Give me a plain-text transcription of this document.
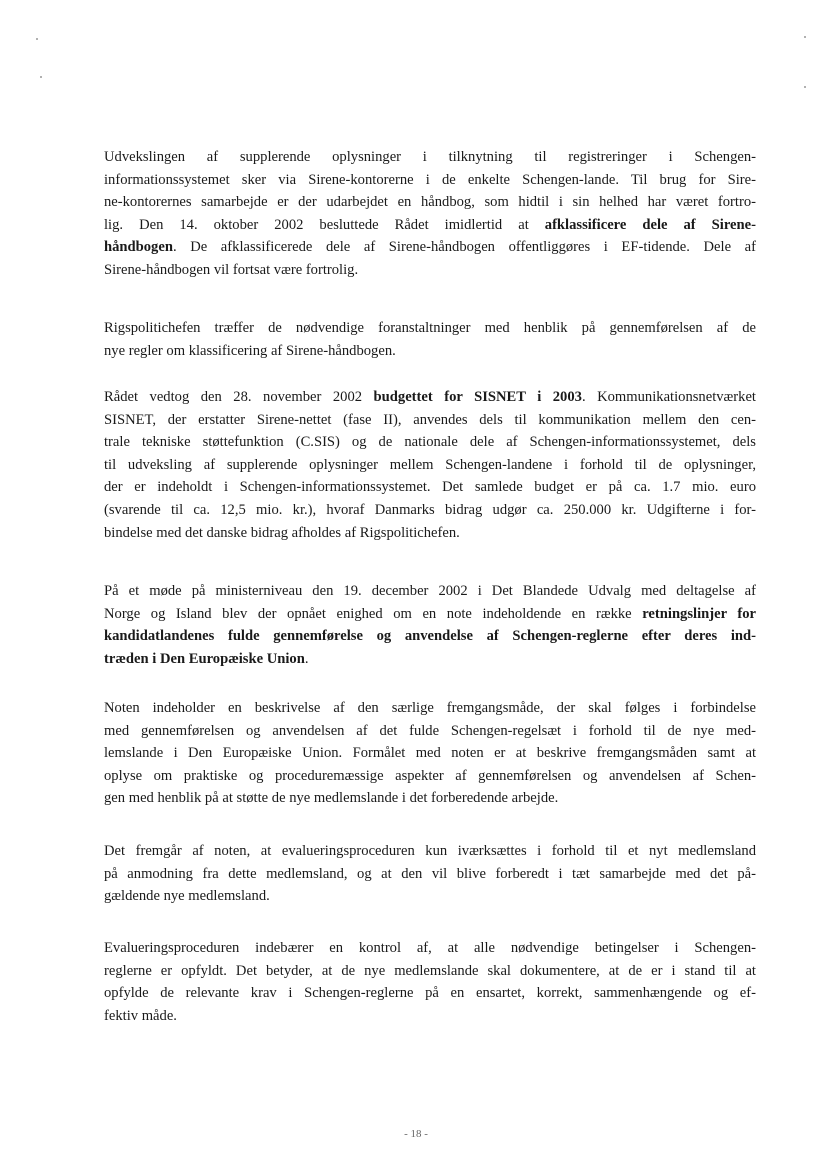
Udvekslingen af supplerende oplysninger i tilknytning til registreringer i Schengen-
informationssystemet sker via Sirene-kontorerne i de enkelte Schengen-lande. Til brug for Sire-
ne-kontorernes samarbejde er der udarbejdet en håndbog, som hidtil i sin helhed har været fortro-
lig. Den 14. oktober 2002 besluttede Rådet imidlertid at afklassificere dele af Sirene-
håndbogen. De afklassificerede dele af Sirene-håndbogen offentliggøres i EF-tidende. Dele af
Sirene-håndbogen vil fortsat være fortrolig.
Rigspolitichefen træffer de nødvendige foranstaltninger med henblik på gennemførelsen af de
nye regler om klassificering af Sirene-håndbogen.
Rådet vedtog den 28. november 2002 budgettet for SISNET i 2003. Kommunikationsnetværket
SISNET, der erstatter Sirene-nettet (fase II), anvendes dels til kommunikation mellem den cen-
trale tekniske støttefunktion (C.SIS) og de nationale dele af Schengen-informationssystemet, dels
til udveksling af supplerende oplysninger mellem Schengen-landene i forhold til de oplysninger,
der er indeholdt i Schengen-informationssystemet. Det samlede budget er på ca. 1.7 mio. euro
(svarende til ca. 12,5 mio. kr.), hvoraf Danmarks bidrag udgør ca. 250.000 kr. Udgifterne i for-
bindelse med det danske bidrag afholdes af Rigspolitichefen.
På et møde på ministerniveau den 19. december 2002 i Det Blandede Udvalg med deltagelse af
Norge og Island blev der opnået enighed om en note indeholdende en række retningslinjer for
kandidatlandenes fulde gennemførelse og anvendelse af Schengen-reglerne efter deres ind-
træden i Den Europæiske Union.
Noten indeholder en beskrivelse af den særlige fremgangsmåde, der skal følges i forbindelse
med gennemførelsen og anvendelsen af det fulde Schengen-regelsæt i forhold til de nye med-
lemslande i Den Europæiske Union. Formålet med noten er at beskrive fremgangsmåden samt at
oplyse om praktiske og proceduremæssige aspekter af gennemførelsen og anvendelsen af Schen-
gen med henblik på at støtte de nye medlemslande i det forberedende arbejde.
Det fremgår af noten, at evalueringsproceduren kun iværksættes i forhold til et nyt medlemsland
på anmodning fra dette medlemsland, og at den vil blive forberedt i tæt samarbejde med det på-
gældende nye medlemsland.
Evalueringsproceduren indebærer en kontrol af, at alle nødvendige betingelser i Schengen-
reglerne er opfyldt. Det betyder, at de nye medlemslande skal dokumentere, at de er i stand til at
opfylde de relevante krav i Schengen-reglerne på en ensartet, korrekt, sammenhængende og ef-
fektiv måde.
- 18 -
